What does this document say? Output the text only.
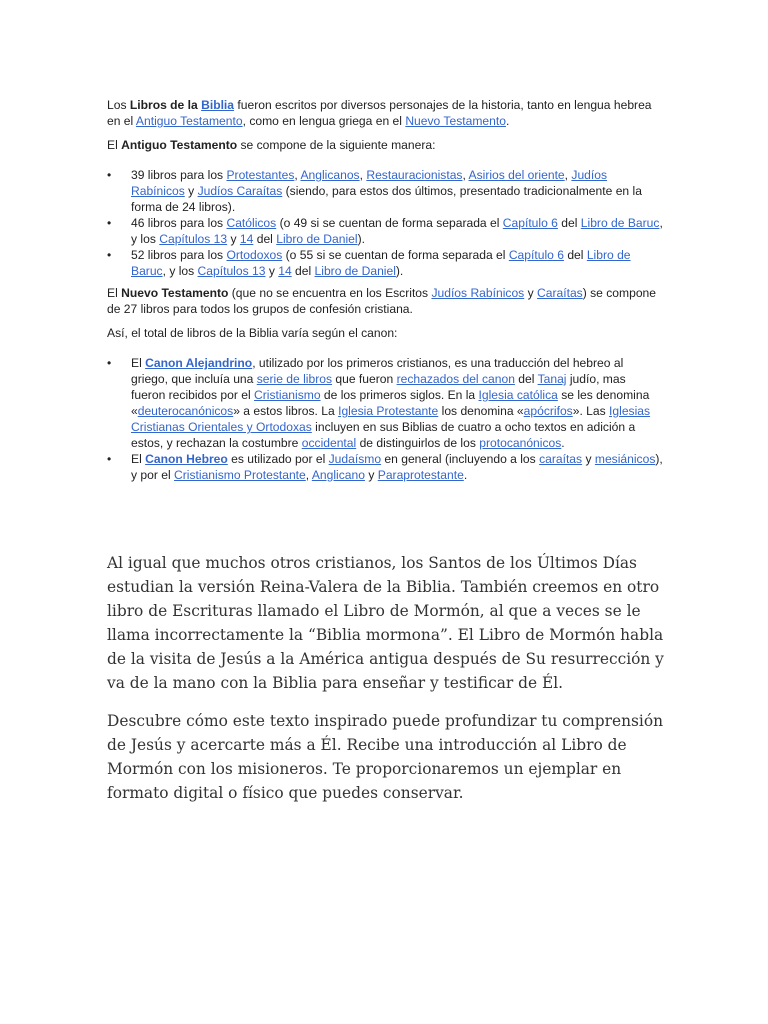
Los Libros de la Biblia fueron escritos por diversos personajes de la historia, tanto en lengua hebrea en el Antiguo Testamento, como en lengua griega en el Nuevo Testamento.

El Antiguo Testamento se compone de la siguiente manera:

• 39 libros para los Protestantes, Anglicanos, Restauracionistas, Asirios del oriente, Judíos Rabínicos y Judíos Caraítas (siendo, para estos dos últimos, presentado tradicionalmente en la forma de 24 libros).
• 46 libros para los Católicos (o 49 si se cuentan de forma separada el Capítulo 6 del Libro de Baruc, y los Capítulos 13 y 14 del Libro de Daniel).
• 52 libros para los Ortodoxos (o 55 si se cuentan de forma separada el Capítulo 6 del Libro de Baruc, y los Capítulos 13 y 14 del Libro de Daniel).

El Nuevo Testamento (que no se encuentra en los Escritos Judíos Rabínicos y Caraítas) se compone de 27 libros para todos los grupos de confesión cristiana.

Así, el total de libros de la Biblia varía según el canon:

• El Canon Alejandrino, utilizado por los primeros cristianos, es una traducción del hebreo al griego, que incluía una serie de libros que fueron rechazados del canon del Tanaj judío, mas fueron recibidos por el Cristianismo de los primeros siglos. En la Iglesia católica se les denomina «deuterocanónicos» a estos libros. La Iglesia Protestante los denomina «apócrifos». Las Iglesias Cristianas Orientales y Ortodoxas incluyen en sus Biblias de cuatro a ocho textos en adición a estos, y rechazan la costumbre occidental de distinguirlos de los protocanónicos.
• El Canon Hebreo es utilizado por el Judaísmo en general (incluyendo a los caraítas y mesiánicos), y por el Cristianismo Protestante, Anglicano y Paraprotestante.

Al igual que muchos otros cristianos, los Santos de los Últimos Días estudian la versión Reina-Valera de la Biblia. También creemos en otro libro de Escrituras llamado el Libro de Mormón, al que a veces se le llama incorrectamente la “Biblia mormona”. El Libro de Mormón habla de la visita de Jesús a la América antigua después de Su resurrección y va de la mano con la Biblia para enseñar y testificar de Él.

Descubre cómo este texto inspirado puede profundizar tu comprensión de Jesús y acercarte más a Él. Recibe una introducción al Libro de Mormón con los misioneros. Te proporcionaremos un ejemplar en formato digital o físico que puedes conservar.
